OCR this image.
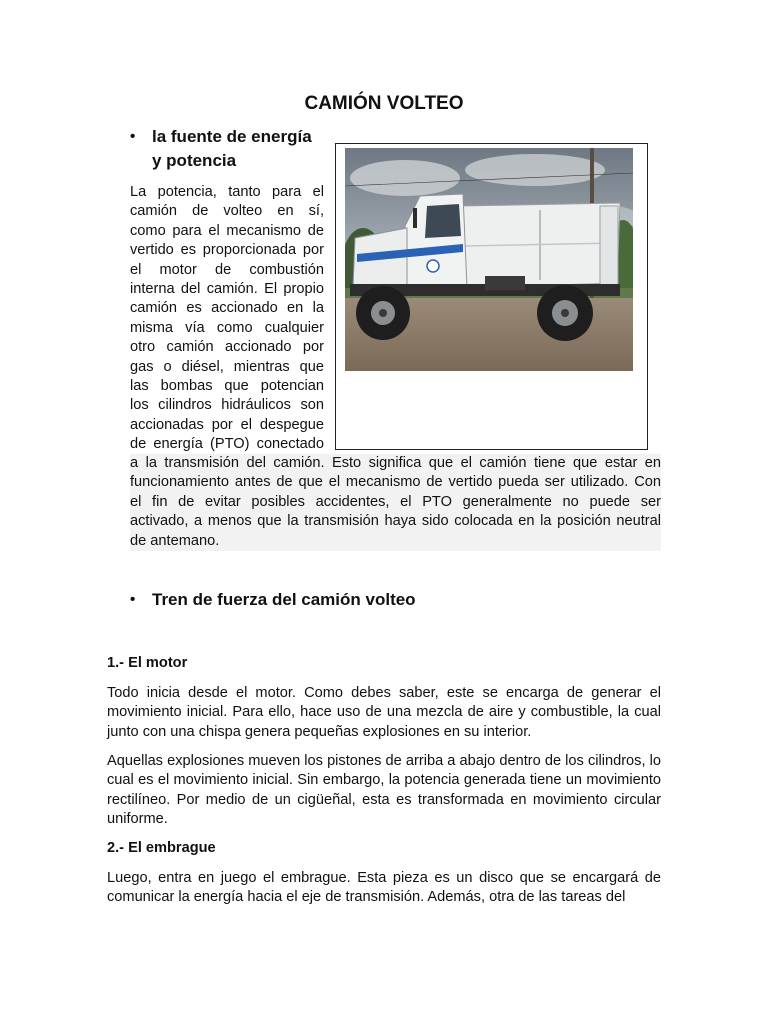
CAMIÓN VOLTEO
• la fuente de energía
y potencia
La potencia, tanto para el
camión de volteo en sí,
como para el mecanismo de
vertido es proporcionada por
el motor de combustión
interna del camión. El propio
camión es accionado en la
misma vía como cualquier
otro camión accionado por
gas o diésel, mientras que
las bombas que potencian
los cilindros hidráulicos son
accionadas por el despegue
de energía (PTO) conectado
a la transmisión del camión. Esto significa que el camión tiene que estar en
funcionamiento antes de que el mecanismo de vertido pueda ser utilizado. Con
el fin de evitar posibles accidentes, el PTO generalmente no puede ser
activado, a menos que la transmisión haya sido colocada en la posición neutral
de antemano.
• Tren de fuerza del camión volteo
1.- El motor

Todo inicia desde el motor. Como debes saber, este se encarga de generar el movimiento inicial. Para ello, hace uso de una mezcla de aire y combustible, la cual junto con una chispa genera pequeñas explosiones en su interior.

Aquellas explosiones mueven los pistones de arriba a abajo dentro de los cilindros, lo cual es el movimiento inicial. Sin embargo, la potencia generada tiene un movimiento rectilíneo. Por medio de un cigüeñal, esta es transformada en movimiento circular uniforme.

2.- El embrague

Luego, entra en juego el embrague. Esta pieza es un disco que se encargará de comunicar la energía hacia el eje de transmisión. Además, otra de las tareas del
